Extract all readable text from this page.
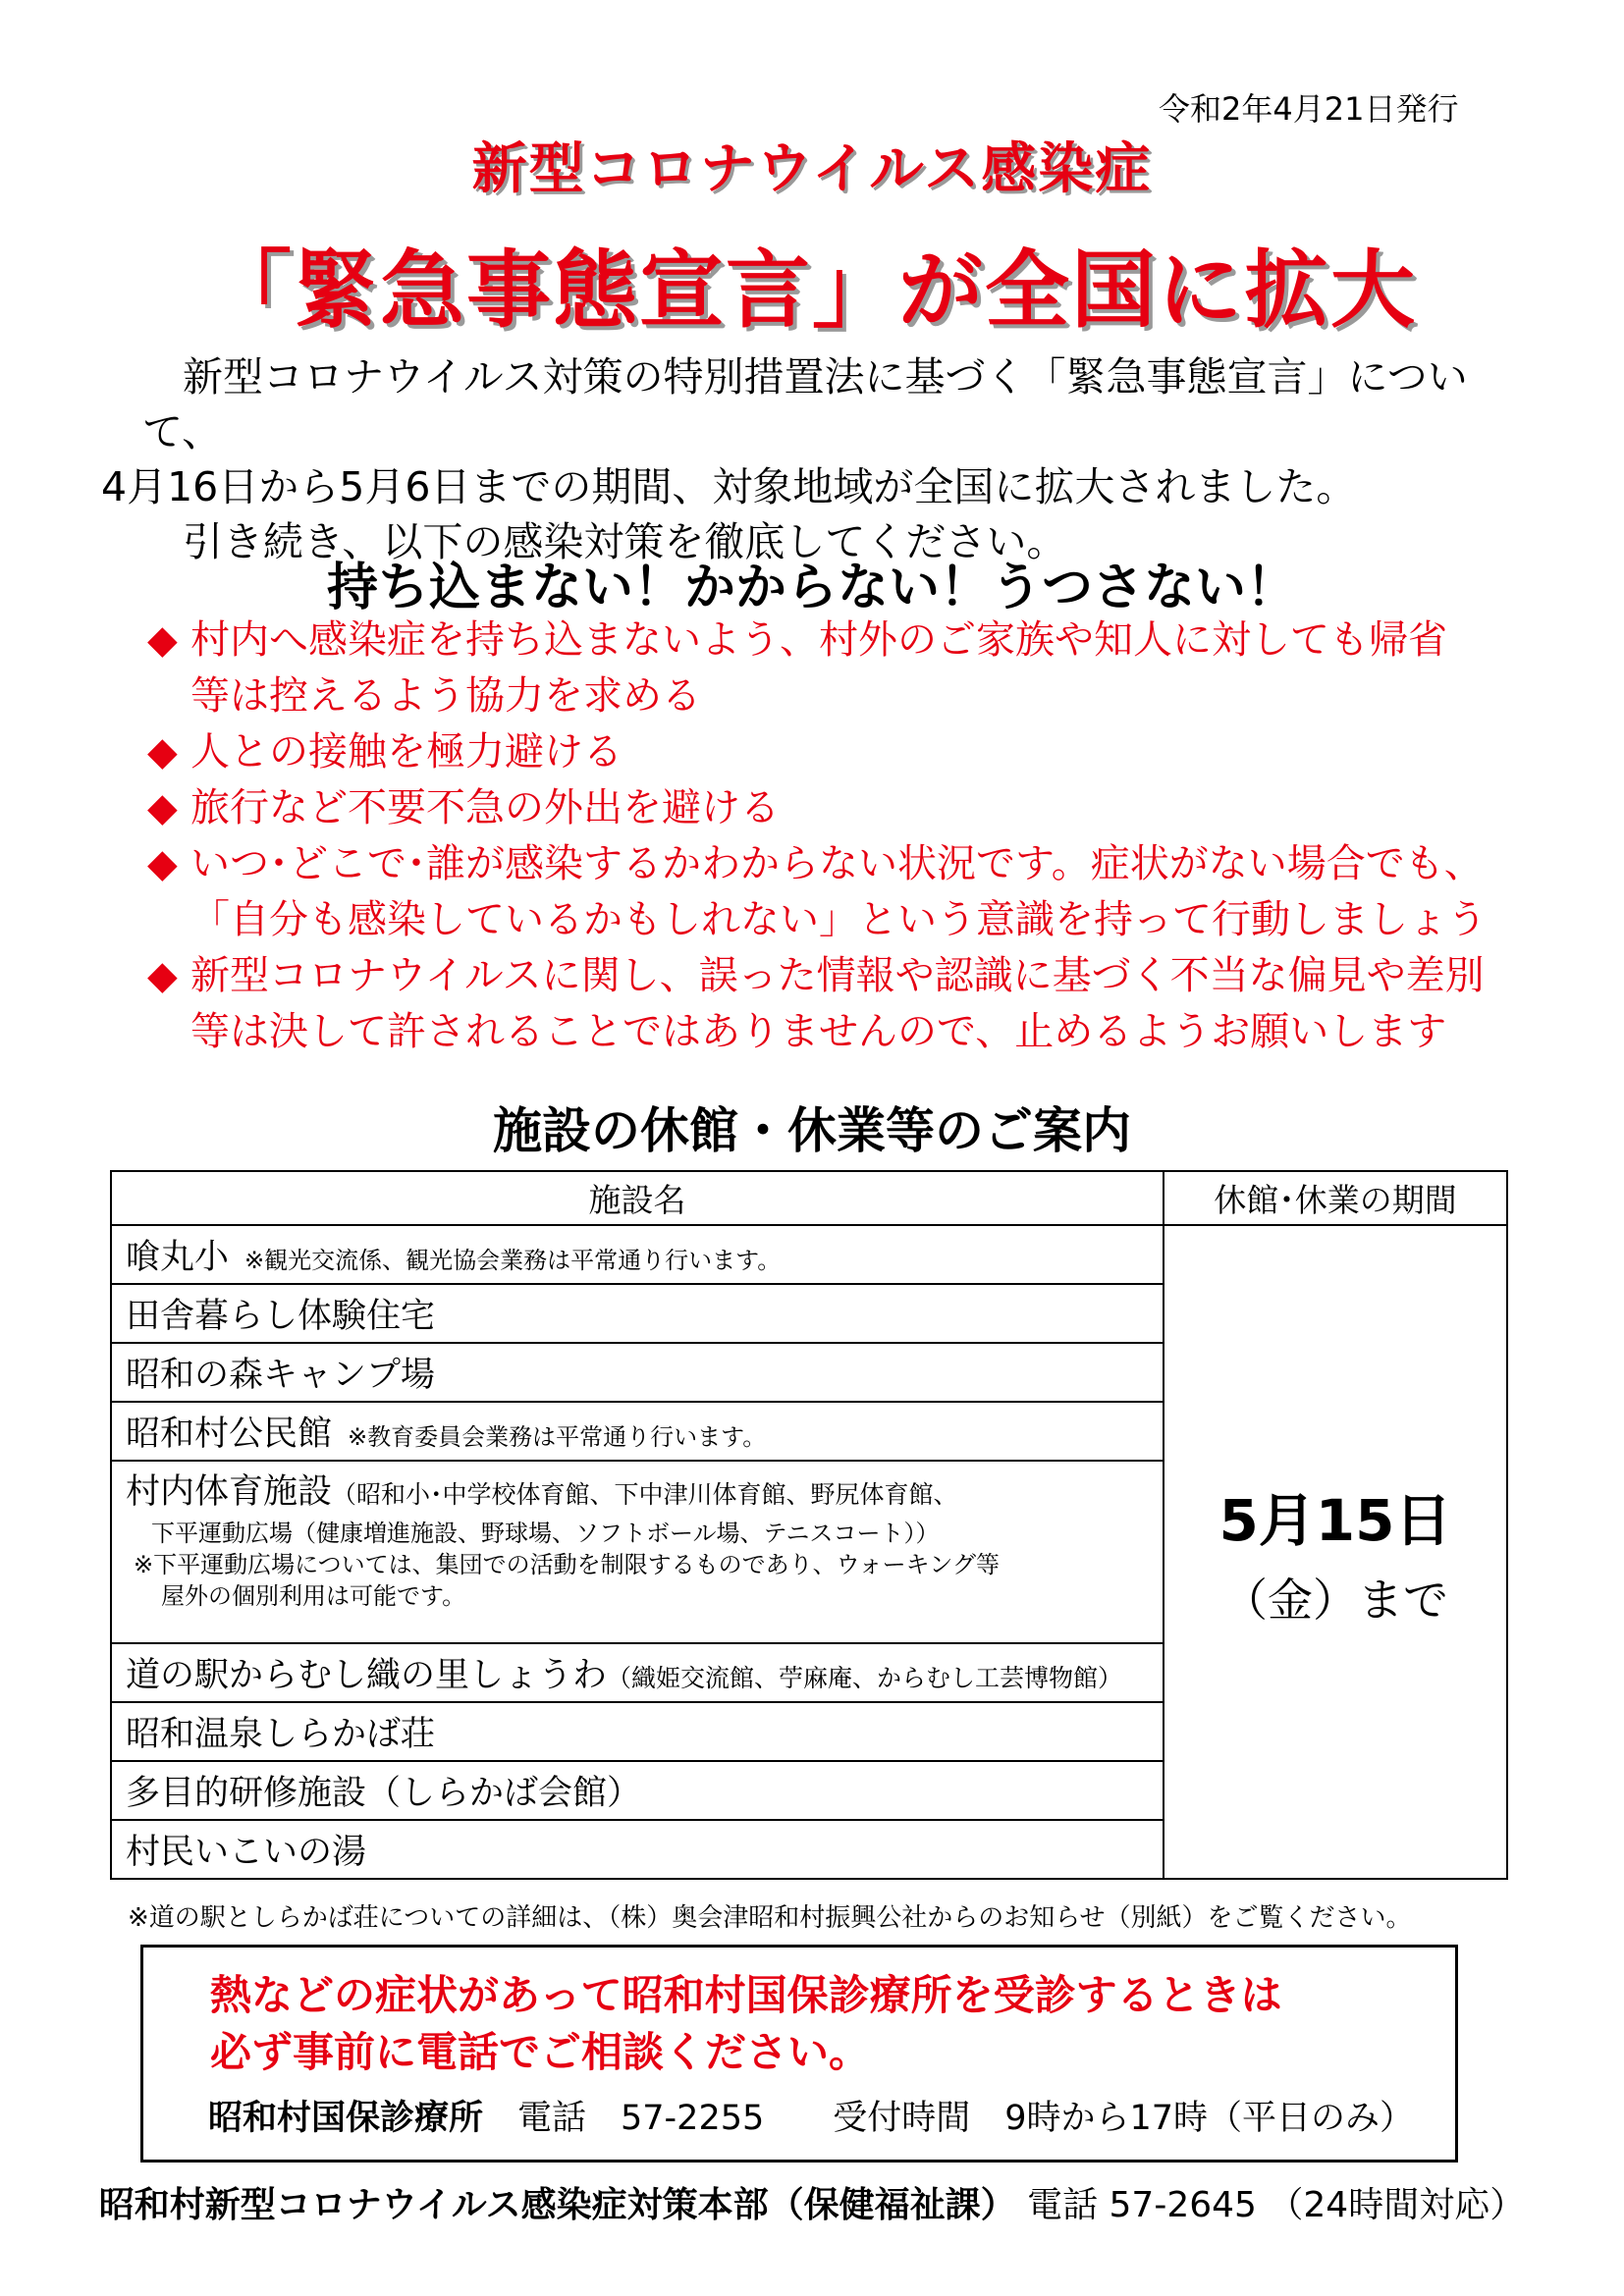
令和2年4月21日発行
新型コロナウイルス感染症
「緊急事態宣言」が全国に拡大

　新型コロナウイルス対策の特別措置法に基づく「緊急事態宣言」について、

4月16日から5月6日までの期間、対象地域が全国に拡大されました。

　引き続き、以下の感染対策を徹底してください。

持ち込まない！かからない！うつさない！
◆ 村内へ感染症を持ち込まないよう、村外のご家族や知人に対しても帰省
等は控えるよう協力を求める
◆ 人との接触を極力避ける
◆ 旅行など不要不急の外出を避ける
◆ いつ･どこで･誰が感染するかわからない状況です。症状がない場合でも、
「自分も感染しているかもしれない」という意識を持って行動しましょう
◆ 新型コロナウイルスに関し、誤った情報や認識に基づく不当な偏見や差別
等は決して許されることではありませんので、止めるようお願いします
施設の休館・休業等のご案内
施設名	休館･休業の期間
喰丸小 ※観光交流係、観光協会業務は平常通り行います。	5月15日
（金）まで

田舎暮らし体験住宅	
昭和の森キャンプ場	
昭和村公民館 ※教育委員会業務は平常通り行います。	

村内体育施設（昭和小･中学校体育館、下中津川体育館、野尻体育館、
下平運動広場（健康増進施設、野球場、ソフトボール場、テニスコート））
※下平運動広場については、集団での活動を制限するものであり、ウォーキング等
屋外の個別利用は可能です。	

道の駅からむし織の里しょうわ（織姫交流館、苧麻庵、からむし工芸博物館）	
昭和温泉しらかば荘	
多目的研修施設（しらかば会館）	
村民いこいの湯	
※道の駅としらかば荘についての詳細は、（株）奥会津昭和村振興公社からのお知らせ（別紙）をご覧ください。
熱などの症状があって昭和村国保診療所を受診するときは
必ず事前に電話でご相談ください。
昭和村国保診療所　電話　57-2255　　受付時間　9時から17時（平日のみ）
昭和村新型コロナウイルス感染症対策本部（保健福祉課） 電話 57-2645 （24時間対応）
